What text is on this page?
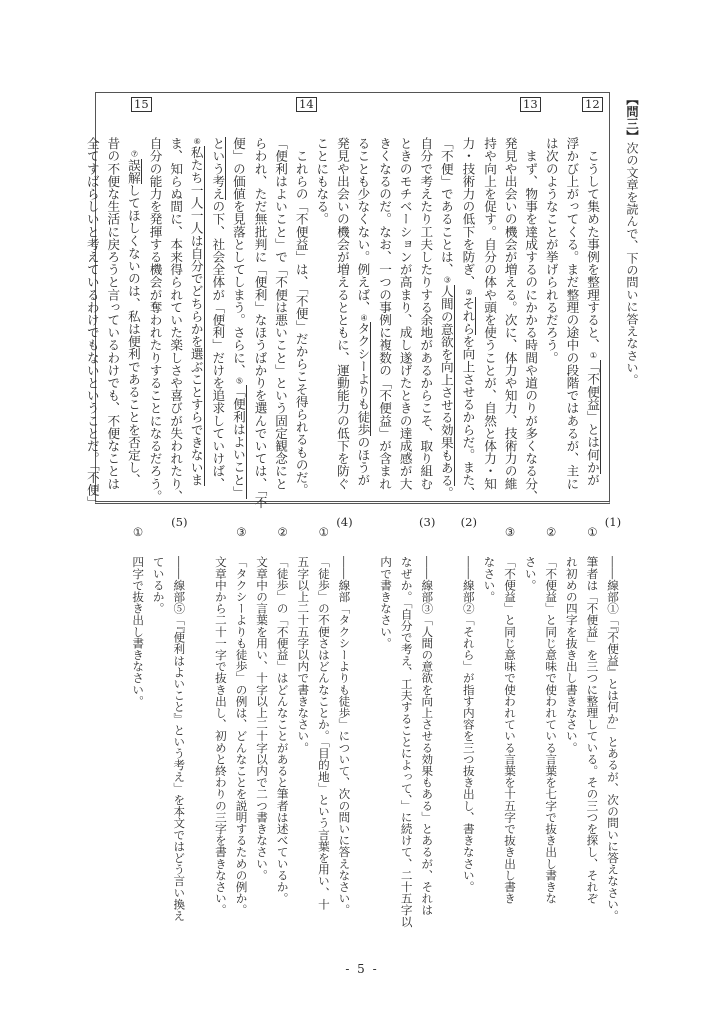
【問三】次の文章を読んで、下の問いに答えなさい。
12
13
14
15
　こうして集めた事例を整理すると、①「不便益」とは何かが
浮かび上がってくる。まだ整理の途中の段階ではあるが、主に
は次のようなことが挙げられるだろう。
　まず、物事を達成するのにかかる時間や道のりが多くなる分、
発見や出会いの機会が増える。次に、体力や知力、技術力の維
持や向上を促す。自分の体や頭を使うことが、自然と体力・知
力・技術力の低下を防ぎ、②それらを向上させるからだ。また、
「不便」であることは、③人間の意欲を向上させる効果もある。
自分で考えたり工夫したりする余地があるからこそ、取り組む
ときのモチベーションが高まり、成し遂げたときの達成感が大
きくなるのだ。なお、一つの事例に複数の「不便益」が含まれ
ることも少なくない。例えば、④タクシーよりも徒歩のほうが
発見や出会いの機会が増えるとともに、運動能力の低下を防ぐ
ことにもなる。
　これらの「不便益」は、「不便」だからこそ得られるものだ。
「便利はよいこと」で「不便は悪いこと」という固定観念にと
らわれ、ただ無批判に「便利」なほうばかりを選んでいては、「不
便」の価値を見落としてしまう。さらに、⑤「便利はよいこと」
という考えの下、社会全体が「便利」だけを追求していけば、
⑥私たち一人一人は自分でどちらかを選ぶことすらできないま
ま、知らぬ間に、本来得られていた楽しさや喜びが失われたり、
自分の能力を発揮する機会が奪われたりすることになるだろう。
　⑦誤解してほしくないのは、私は便利であることを否定し、
昔の不便な生活に戻ろうと言っているわけでも、不便なことは
全てすばらしいと考えているわけでもないということだ。「不便」
(1)――線部①「『不便益』とは何か」とあるが、次の問いに答えなさい。
①筆者は「不便益」を三つに整理している。その三つを探し、それぞ
れ初めの四字を抜き出し書きなさい。
②「不便益」と同じ意味で使われている言葉を七字で抜き出し書きな
さい。
③「不便益」と同じ意味で使われている言葉を十五字で抜き出し書き
なさい。
(2)――線部②「それら」が指す内容を三つ抜き出し、書きなさい。
(3)――線部③「人間の意欲を向上させる効果もある」とあるが、それは
なぜか。「自分で考え、工夫することによって、」に続けて、二十五字以
内で書きなさい。
(4)――線部「タクシーよりも徒歩」について、次の問いに答えなさい。
①「徒歩」の不便さはどんなことか。「目的地」という言葉を用い、十
五字以上二十五字以内で書きなさい。
②「徒歩」の「不便益」はどんなことがあると筆者は述べているか。
文章中の言葉を用い、十字以上二十字以内で二つ書きなさい。
③「タクシーよりも徒歩」の例は、どんなことを説明するための例か。
文章中から二十一字で抜き出し、初めと終わりの三字を書きなさい。
(5)――線部⑤「『便利はよいこと』という考え」を本文ではどう言い換え
ているか。
①四字で抜き出し書きなさい。
- 5 -
